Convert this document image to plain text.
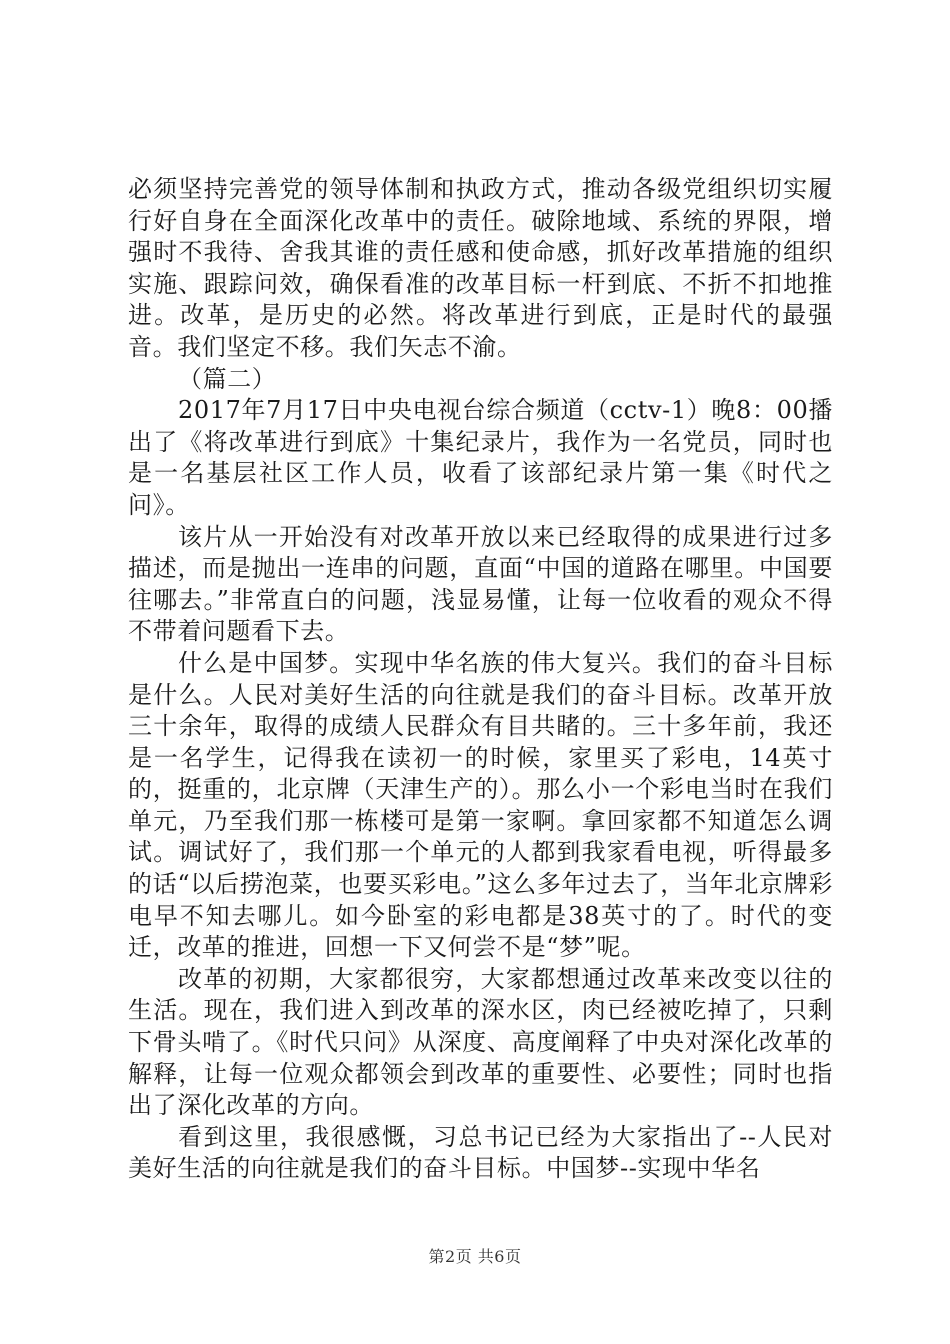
必须坚持完善党的领导体制和执政方式，推动各级党组织切实履行好自身在全面深化改革中的责任。破除地域、系统的界限，增强时不我待、舍我其谁的责任感和使命感，抓好改革措施的组织实施、跟踪问效，确保看准的改革目标一杆到底、不折不扣地推进。改革，是历史的必然。将改革进行到底，正是时代的最强音。我们坚定不移。我们矢志不渝。

（篇二）

2017年7月17日中央电视台综合频道（cctv-1）晚8：00播出了《将改革进行到底》十集纪录片，我作为一名党员，同时也是一名基层社区工作人员，收看了该部纪录片第一集《时代之问》。

该片从一开始没有对改革开放以来已经取得的成果进行过多描述，而是抛出一连串的问题，直面“中国的道路在哪里。中国要往哪去。”非常直白的问题，浅显易懂，让每一位收看的观众不得不带着问题看下去。

什么是中国梦。实现中华名族的伟大复兴。我们的奋斗目标是什么。人民对美好生活的向往就是我们的奋斗目标。改革开放三十余年，取得的成绩人民群众有目共睹的。三十多年前，我还是一名学生，记得我在读初一的时候，家里买了彩电，14英寸的，挺重的，北京牌（天津生产的）。那么小一个彩电当时在我们单元，乃至我们那一栋楼可是第一家啊。拿回家都不知道怎么调试。调试好了，我们那一个单元的人都到我家看电视，听得最多的话“以后捞泡菜，也要买彩电。”这么多年过去了，当年北京牌彩电早不知去哪儿。如今卧室的彩电都是38英寸的了。时代的变迁，改革的推进，回想一下又何尝不是“梦”呢。

改革的初期，大家都很穷，大家都想通过改革来改变以往的生活。现在，我们进入到改革的深水区，肉已经被吃掉了，只剩下骨头啃了。《时代只问》从深度、高度阐释了中央对深化改革的解释，让每一位观众都领会到改革的重要性、必要性；同时也指出了深化改革的方向。

看到这里，我很感慨，习总书记已经为大家指出了--人民对美好生活的向往就是我们的奋斗目标。中国梦--实现中华名

第2页 共6页
